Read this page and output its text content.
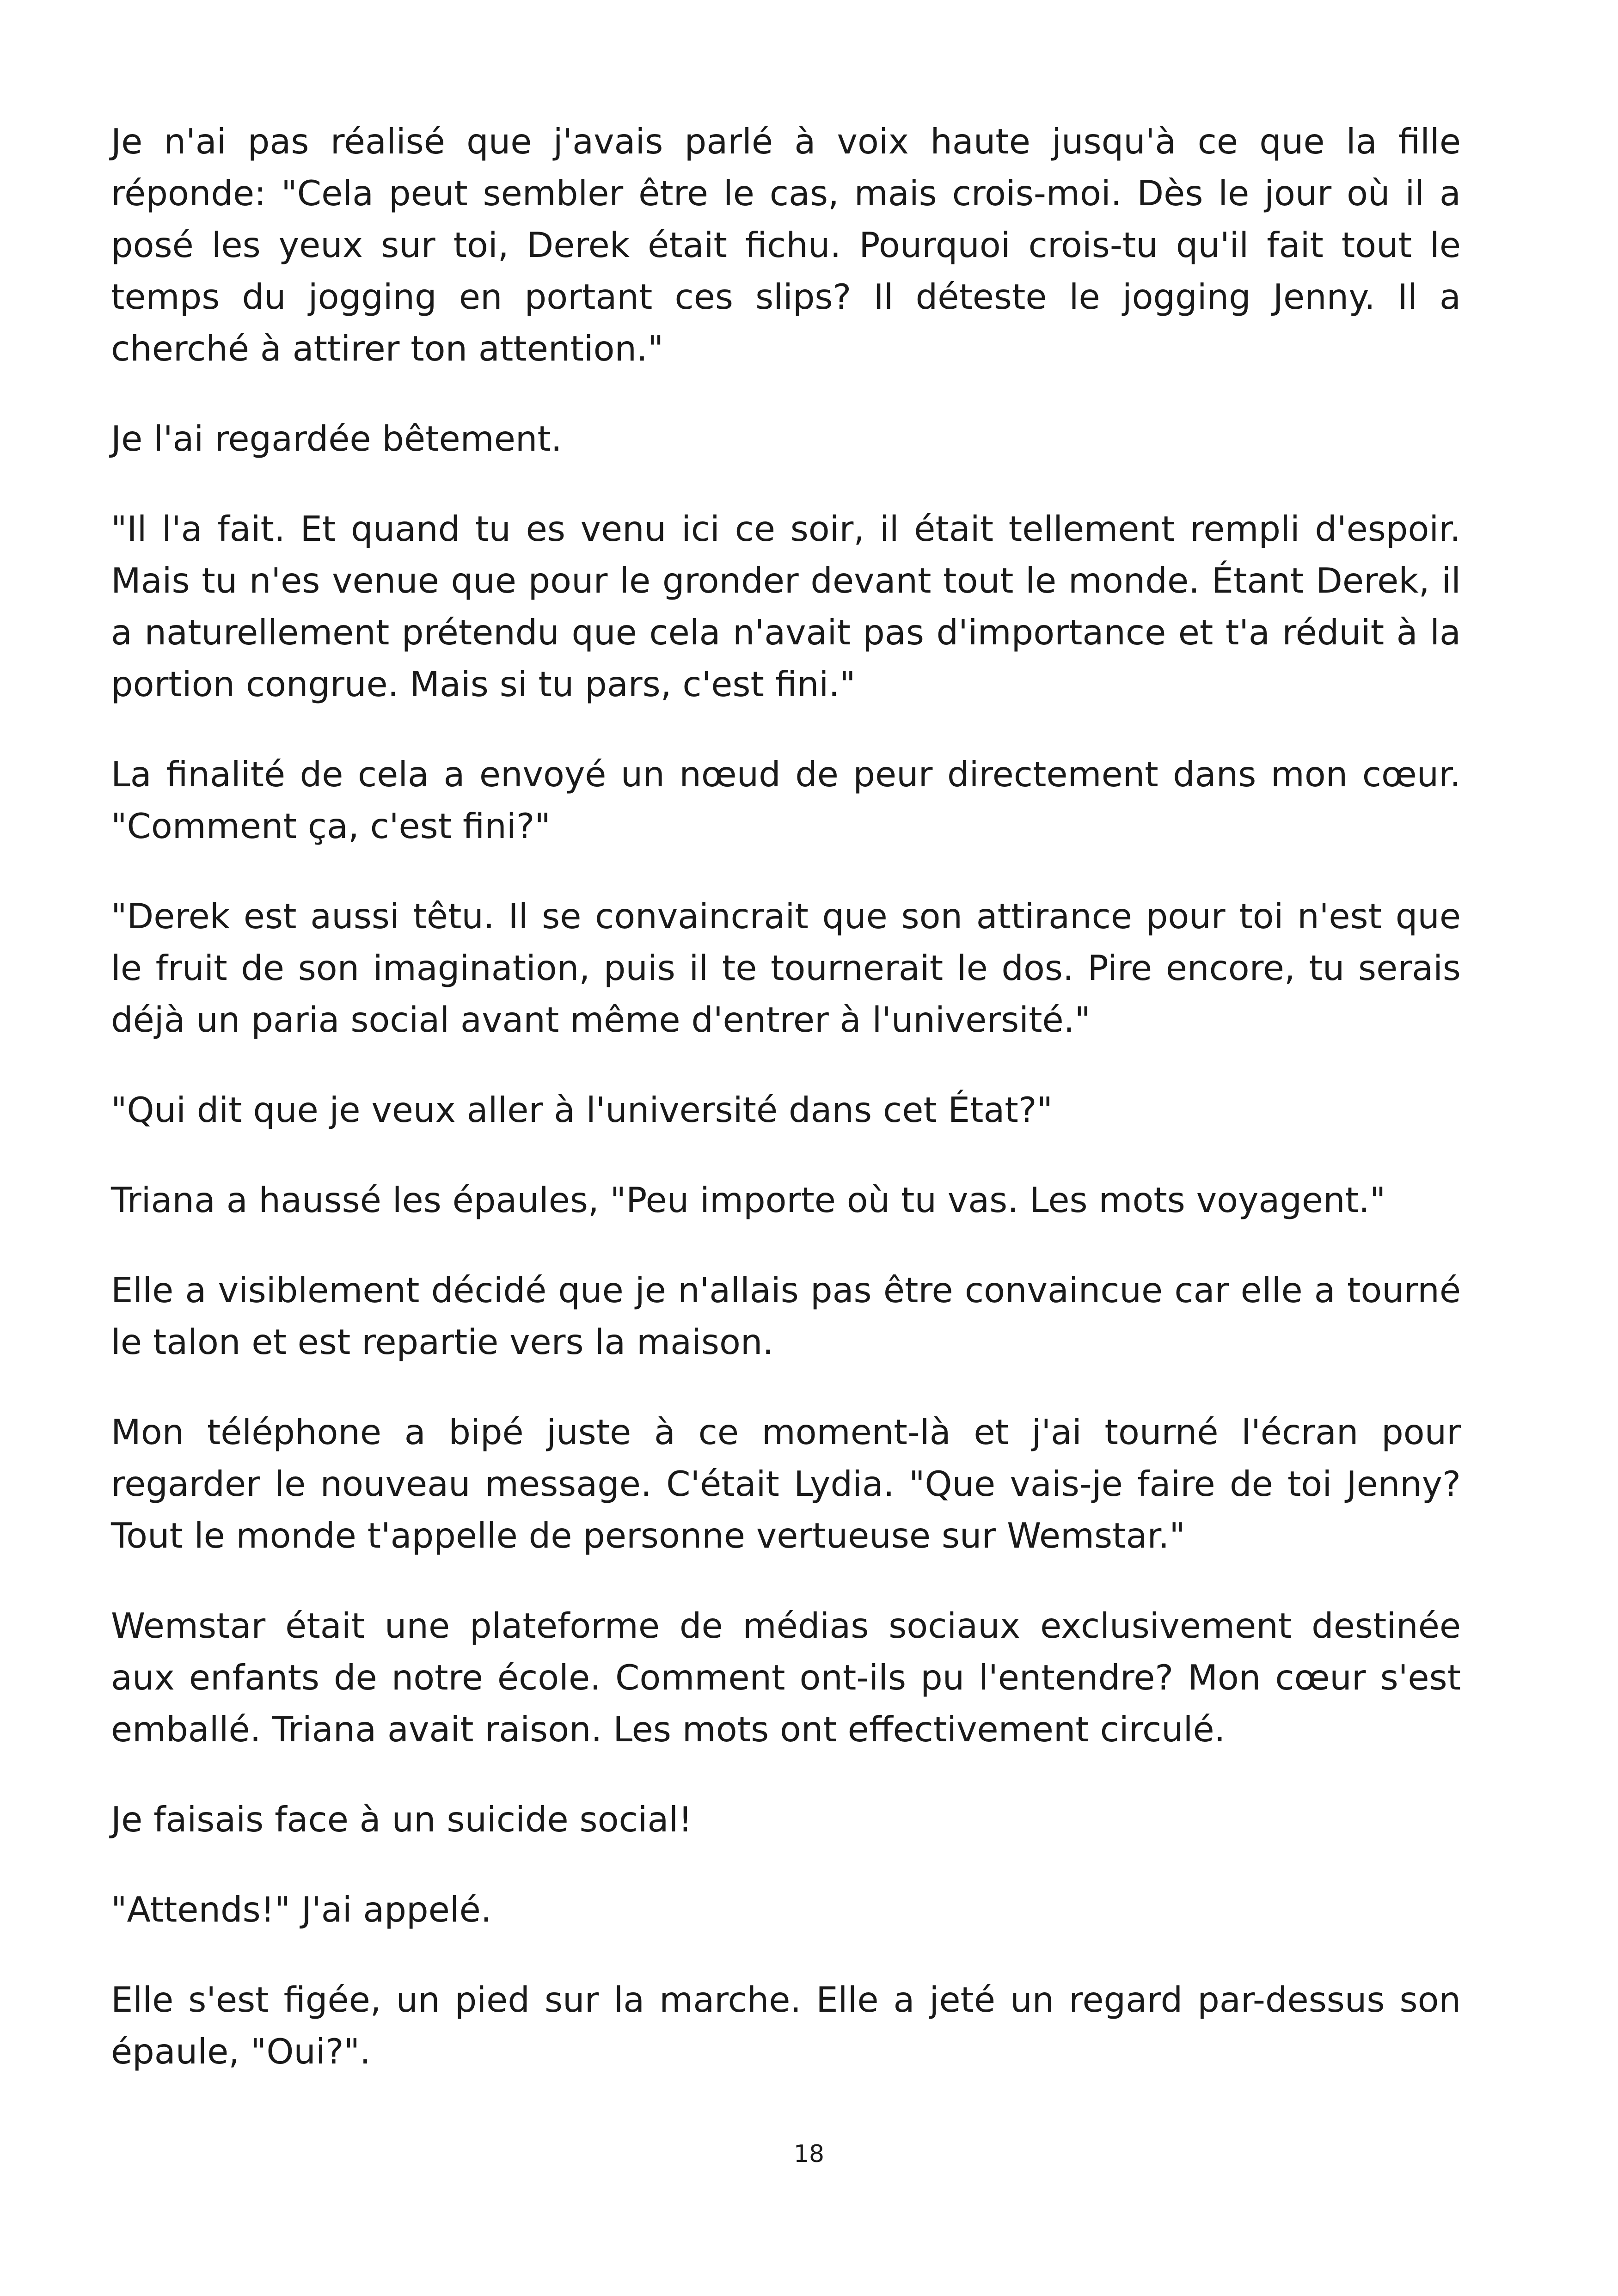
Je n'ai pas réalisé que j'avais parlé à voix haute jusqu'à ce que la fille réponde: "Cela peut sembler être le cas, mais crois-moi. Dès le jour où il a posé les yeux sur toi, Derek était fichu. Pourquoi crois-tu qu'il fait tout le temps du jogging en portant ces slips? Il déteste le jogging Jenny. Il a cherché à attirer ton attention."

Je l'ai regardée bêtement.

"Il l'a fait. Et quand tu es venu ici ce soir, il était tellement rempli d'espoir. Mais tu n'es venue que pour le gronder devant tout le monde. Étant Derek, il a naturellement prétendu que cela n'avait pas d'importance et t'a réduit à la portion congrue. Mais si tu pars, c'est fini."

La finalité de cela a envoyé un nœud de peur directement dans mon cœur. "Comment ça, c'est fini?"

"Derek est aussi têtu. Il se convaincrait que son attirance pour toi n'est que le fruit de son imagination, puis il te tournerait le dos. Pire encore, tu serais déjà un paria social avant même d'entrer à l'université."

"Qui dit que je veux aller à l'université dans cet État?"

Triana a haussé les épaules, "Peu importe où tu vas. Les mots voyagent."

Elle a visiblement décidé que je n'allais pas être convaincue car elle a tourné le talon et est repartie vers la maison.

Mon téléphone a bipé juste à ce moment-là et j'ai tourné l'écran pour regarder le nouveau message. C'était Lydia. "Que vais-je faire de toi Jenny? Tout le monde t'appelle de personne vertueuse sur Wemstar."

Wemstar était une plateforme de médias sociaux exclusivement destinée aux enfants de notre école. Comment ont-ils pu l'entendre? Mon cœur s'est emballé. Triana avait raison. Les mots ont effectivement circulé.

Je faisais face à un suicide social!

"Attends!" J'ai appelé.

Elle s'est figée, un pied sur la marche. Elle a jeté un regard par-dessus son épaule, "Oui?".

18
